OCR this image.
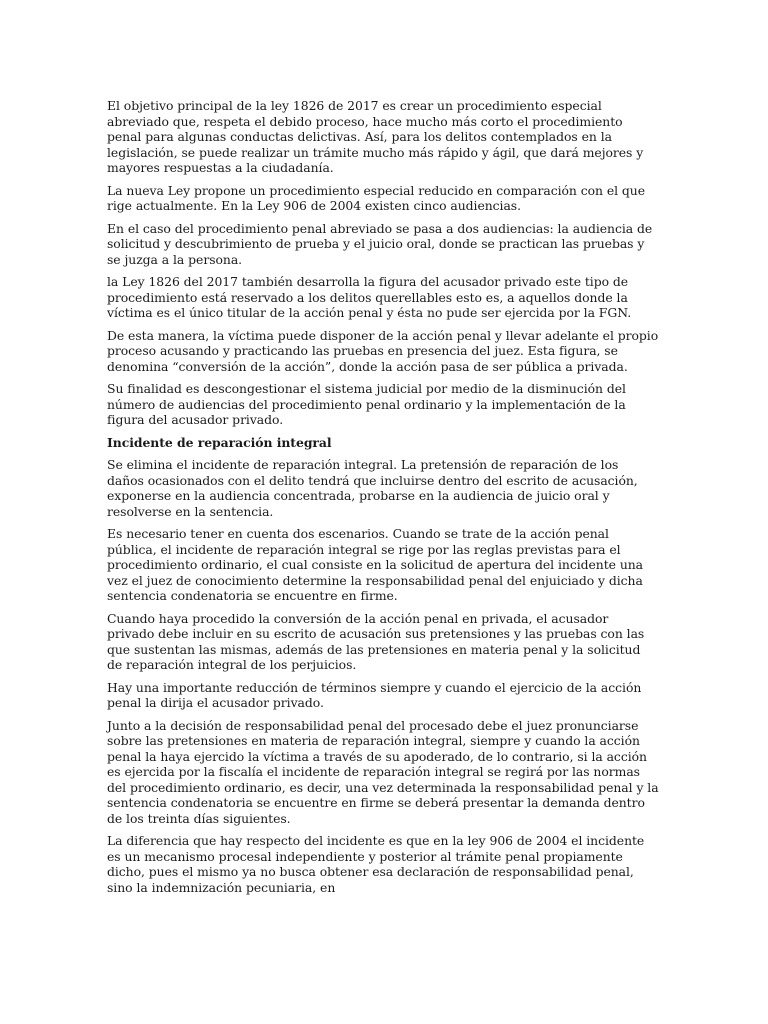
El objetivo principal de la ley 1826 de 2017 es crear un procedimiento especial abreviado que, respeta el debido proceso, hace mucho más corto el procedimiento penal para algunas conductas delictivas. Así, para los delitos contemplados en la legislación, se puede realizar un trámite mucho más rápido y ágil, que dará mejores y mayores respuestas a la ciudadanía.

La nueva Ley propone un procedimiento especial reducido en comparación con el que rige actualmente. En la Ley 906 de 2004 existen cinco audiencias.

En el caso del procedimiento penal abreviado se pasa a dos audiencias: la audiencia de solicitud y descubrimiento de prueba y el juicio oral, donde se practican las pruebas y se juzga a la persona.

la Ley 1826 del 2017 también desarrolla la figura del acusador privado este tipo de procedimiento está reservado a los delitos querellables esto es, a aquellos donde la víctima es el único titular de la acción penal y ésta no pude ser ejercida por la FGN.

De esta manera, la víctima puede disponer de la acción penal y llevar adelante el propio proceso acusando y practicando las pruebas en presencia del juez. Esta figura, se denomina “conversión de la acción”, donde la acción pasa de ser pública a privada.

Su finalidad es descongestionar el sistema judicial por medio de la disminución del número de audiencias del procedimiento penal ordinario y la implementación de la figura del acusador privado.

Incidente de reparación integral

Se elimina el incidente de reparación integral. La pretensión de reparación de los daños ocasionados con el delito tendrá que incluirse dentro del escrito de acusación, exponerse en la audiencia concentrada, probarse en la audiencia de juicio oral y resolverse en la sentencia.

Es necesario tener en cuenta dos escenarios. Cuando se trate de la acción penal pública, el incidente de reparación integral se rige por las reglas previstas para el procedimiento ordinario, el cual consiste en la solicitud de apertura del incidente una vez el juez de conocimiento determine la responsabilidad penal del enjuiciado y dicha sentencia condenatoria se encuentre en firme.

Cuando haya procedido la conversión de la acción penal en privada, el acusador privado debe incluir en su escrito de acusación sus pretensiones y las pruebas con las que sustentan las mismas, además de las pretensiones en materia penal y la solicitud de reparación integral de los perjuicios.

Hay una importante reducción de términos siempre y cuando el ejercicio de la acción penal la dirija el acusador privado.

Junto a la decisión de responsabilidad penal del procesado debe el juez pronunciarse sobre las pretensiones en materia de reparación integral, siempre y cuando la acción penal la haya ejercido la víctima a través de su apoderado, de lo contrario, si la acción es ejercida por la fiscalía el incidente de reparación integral se regirá por las normas del procedimiento ordinario, es decir, una vez determinada la responsabilidad penal y la sentencia condenatoria se encuentre en firme se deberá presentar la demanda dentro de los treinta días siguientes.

La diferencia que hay respecto del incidente es que en la ley 906 de 2004 el incidente es un mecanismo procesal independiente y posterior al trámite penal propiamente dicho, pues el mismo ya no busca obtener esa declaración de responsabilidad penal, sino la indemnización pecuniaria, en
